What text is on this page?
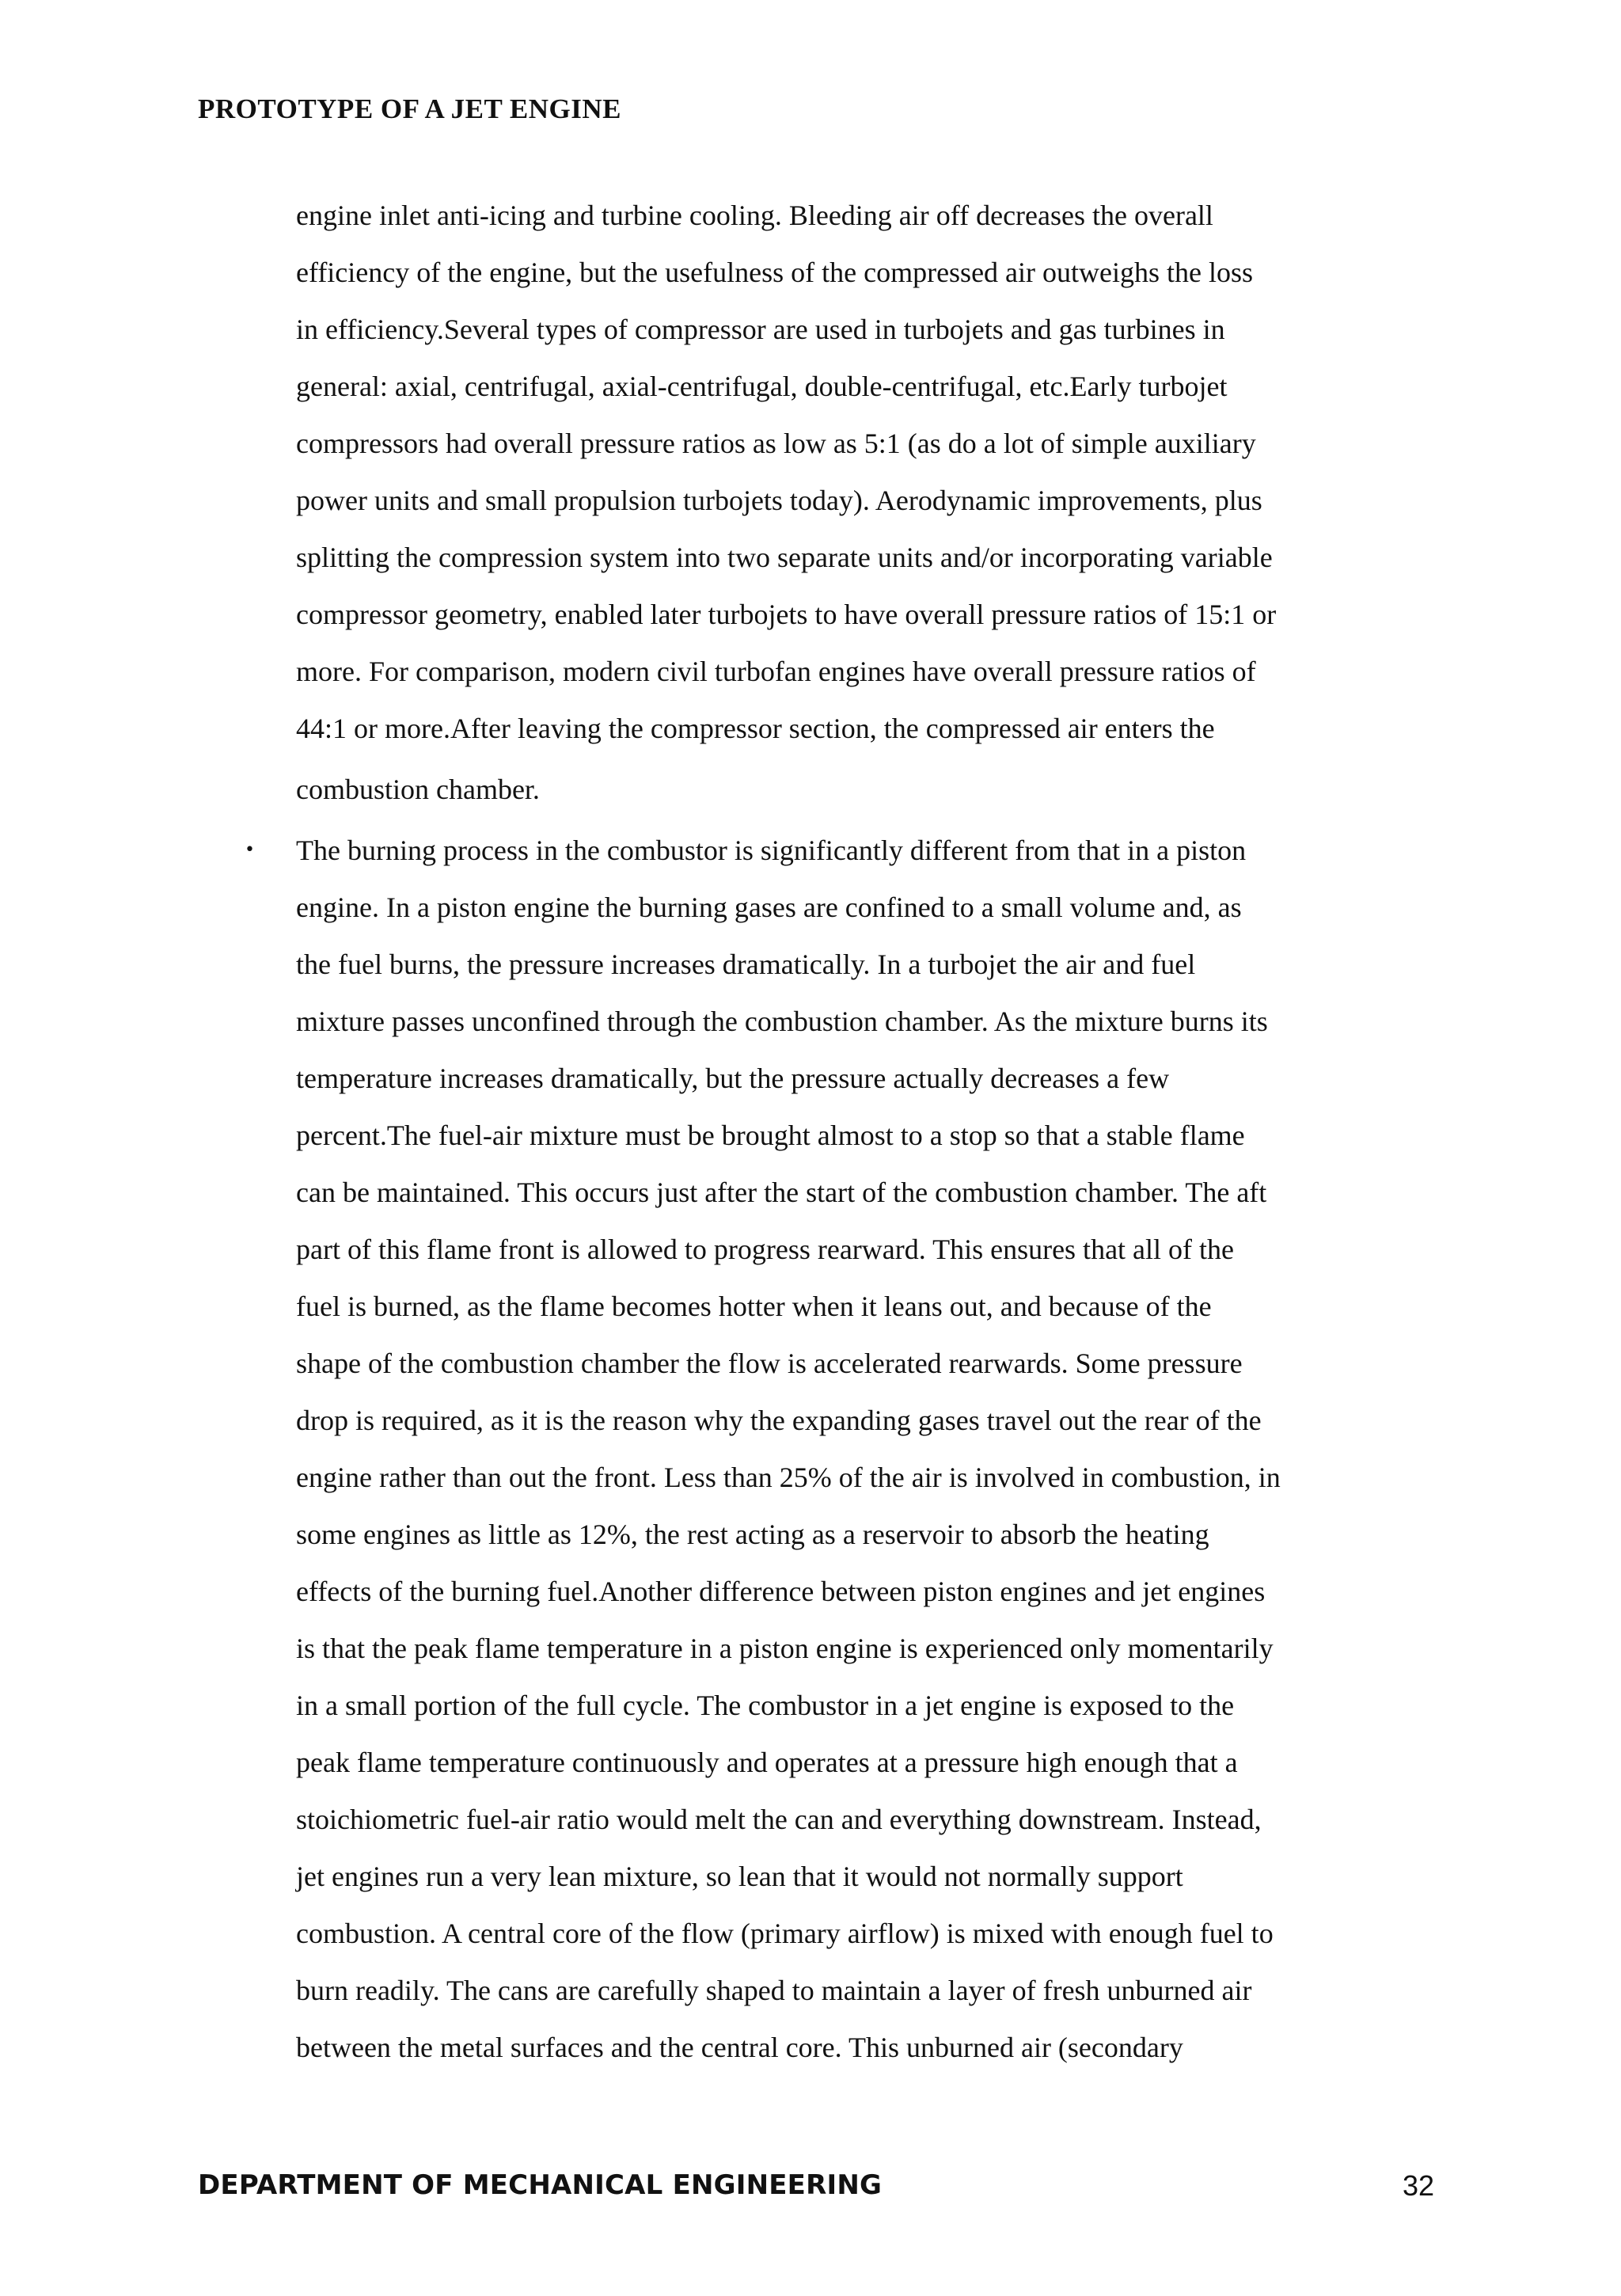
PROTOTYPE OF A JET ENGINE
engine inlet anti-icing and turbine cooling. Bleeding air off decreases the overall
efficiency of the engine, but the usefulness of the compressed air outweighs the loss
in efficiency.Several types of compressor are used in turbojets and gas turbines in
general: axial, centrifugal, axial-centrifugal, double-centrifugal, etc.Early turbojet
compressors had overall pressure ratios as low as 5:1 (as do a lot of simple auxiliary
power units and small propulsion turbojets today). Aerodynamic improvements, plus
splitting the compression system into two separate units and/or incorporating variable
compressor geometry, enabled later turbojets to have overall pressure ratios of 15:1 or
more. For comparison, modern civil turbofan engines have overall pressure ratios of
44:1 or more.After leaving the compressor section, the compressed air enters the
combustion chamber.
• The burning process in the combustor is significantly different from that in a piston
engine. In a piston engine the burning gases are confined to a small volume and, as
the fuel burns, the pressure increases dramatically. In a turbojet the air and fuel
mixture passes unconfined through the combustion chamber. As the mixture burns its
temperature increases dramatically, but the pressure actually decreases a few
percent.The fuel-air mixture must be brought almost to a stop so that a stable flame
can be maintained. This occurs just after the start of the combustion chamber. The aft
part of this flame front is allowed to progress rearward. This ensures that all of the
fuel is burned, as the flame becomes hotter when it leans out, and because of the
shape of the combustion chamber the flow is accelerated rearwards. Some pressure
drop is required, as it is the reason why the expanding gases travel out the rear of the
engine rather than out the front. Less than 25% of the air is involved in combustion, in
some engines as little as 12%, the rest acting as a reservoir to absorb the heating
effects of the burning fuel.Another difference between piston engines and jet engines
is that the peak flame temperature in a piston engine is experienced only momentarily
in a small portion of the full cycle. The combustor in a jet engine is exposed to the
peak flame temperature continuously and operates at a pressure high enough that a
stoichiometric fuel-air ratio would melt the can and everything downstream. Instead,
jet engines run a very lean mixture, so lean that it would not normally support
combustion. A central core of the flow (primary airflow) is mixed with enough fuel to
burn readily. The cans are carefully shaped to maintain a layer of fresh unburned air
between the metal surfaces and the central core. This unburned air (secondary
DEPARTMENT OF MECHANICAL ENGINEERING	32
